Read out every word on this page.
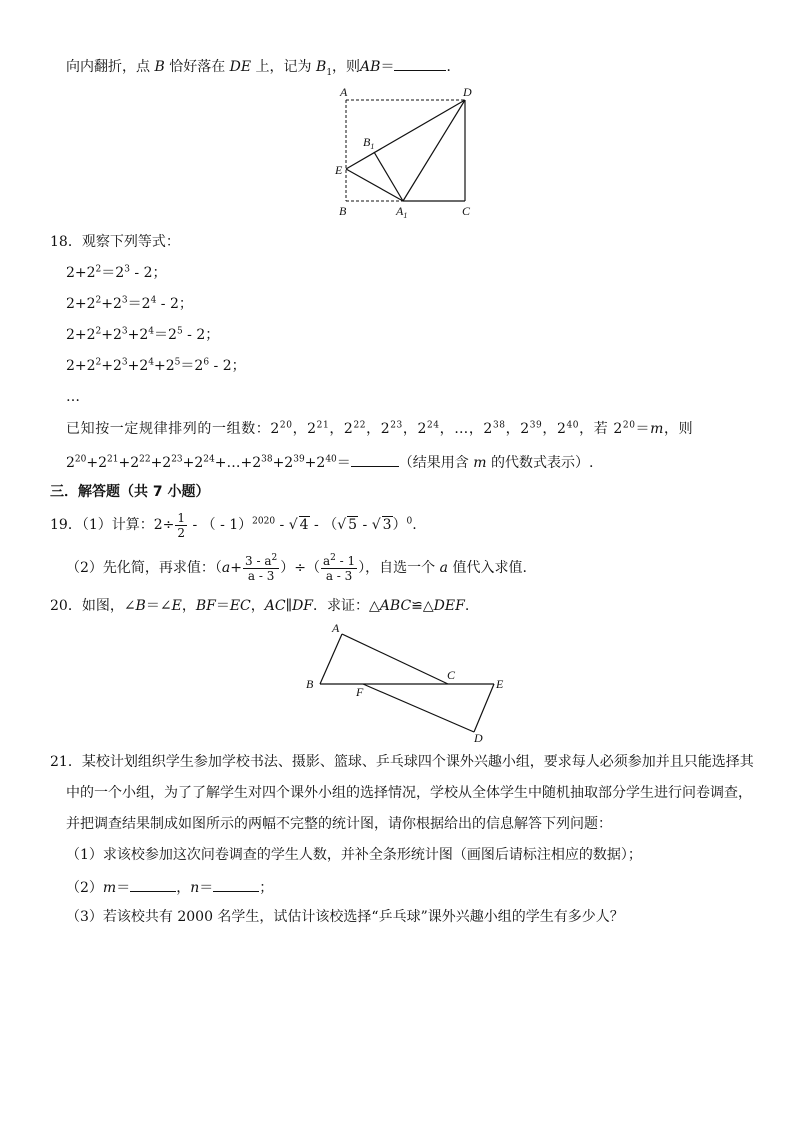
向内翻折，点 B 恰好落在 DE 上，记为 $B_1$，则AB＝	．
A	D
$B_1$
E
B	$A_1$	C
18．观察下列等式：
$2+2^2=2^3 - 2$；
$2+2^2+2^3=2^4 - 2$；
$2+2^2+2^3+2^4=2^5 - 2$；
$2+2^2+2^3+2^4+2^5=2^6 - 2$；
…
已知按一定规律排列的一组数：$2^{20}$，$2^{21}$，$2^{22}$，$2^{23}$，$2^{24}$，…，$2^{38}$，$2^{39}$，$2^{40}$，若 $2^{20}=m$，则
$2^{20}+2^{21}+2^{22}+2^{23}+2^{24}+\dots+2^{38}+2^{39}+2^{40}=$	（结果用含 m 的代数式表示）.
三．解答题（共 7 小题）
19．（1）计算：$2\div \frac{1}{2}$ - （ - 1）$^{2020}$ - √ 4 - （√ 5 - √ 3）$^0$.
（2）先化简，再求值：（$a+ \frac{3 - a^2}{a - 3}$ ）÷（ $\frac{a^2 - 1}{a - 3}$ ），自选一个 a 值代入求值.
20．如图，∠B＝∠E，BF＝EC，AC∥DF．求证：△ABC≌△DEF.
A
C
B	E
F
D
21．某校计划组织学生参加学校书法、摄影、篮球、乒乓球四个课外兴趣小组，要求每人必须参加并且只能选择其
中的一个小组，为了了解学生对四个课外小组的选择情况，学校从全体学生中随机抽取部分学生进行问卷调查，
并把调查结果制成如图所示的两幅不完整的统计图，请你根据给出的信息解答下列问题：
（1）求该校参加这次问卷调查的学生人数，并补全条形统计图（画图后请标注相应的数据）；
（2）m＝	，n＝	；
（3）若该校共有 2000 名学生，试估计该校选择“乒乓球”课外兴趣小组的学生有多少人？
